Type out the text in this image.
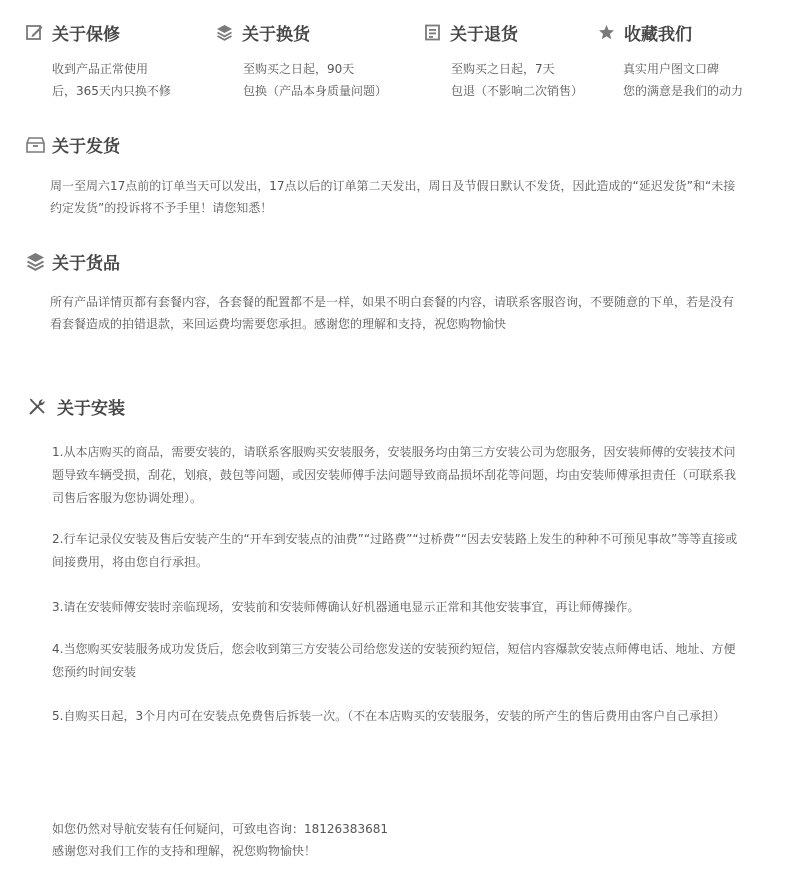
关于保修
收到产品正常使用
后，365天内只换不修
关于换货
至购买之日起，90天
包换（产品本身质量问题）
关于退货
至购买之日起，7天
包退（不影响二次销售）
收藏我们
真实用户图文口碑
您的满意是我们的动力
关于发货

周一至周六17点前的订单当天可以发出，17点以后的订单第二天发出，周日及节假日默认不发货，因此造成的“延迟发货”和“未接约定发货”的投诉将不予手里！请您知悉！

关于货品

所有产品详情页都有套餐内容，各套餐的配置都不是一样，如果不明白套餐的内容，请联系客服咨询，不要随意的下单，若是没有看套餐造成的拍错退款，来回运费均需要您承担。感谢您的理解和支持，祝您购物愉快

关于安装
1.从本店购买的商品，需要安装的，请联系客服购买安装服务，安装服务均由第三方安装公司为您服务，因安装师傅的安装技术问题导致车辆受损，刮花，划痕，鼓包等问题，或因安装师傅手法问题导致商品损坏刮花等问题，均由安装师傅承担责任（可联系我司售后客服为您协调处理）。
2.行车记录仪安装及售后安装产生的“开车到安装点的油费”“过路费”“过桥费”“因去安装路上发生的种种不可预见事故”等等直接或间接费用，将由您自行承担。
3.请在安装师傅安装时亲临现场，安装前和安装师傅确认好机器通电显示正常和其他安装事宜，再让师傅操作。
4.当您购买安装服务成功发货后，您会收到第三方安装公司给您发送的安装预约短信，短信内容爆款安装点师傅电话、地址、方便您预约时间安装
5.自购买日起，3个月内可在安装点免费售后拆装一次。（不在本店购买的安装服务，安装的所产生的售后费用由客户自己承担）
如您仍然对导航安装有任何疑问，可致电咨询：18126383681
感谢您对我们工作的支持和理解，祝您购物愉快！
